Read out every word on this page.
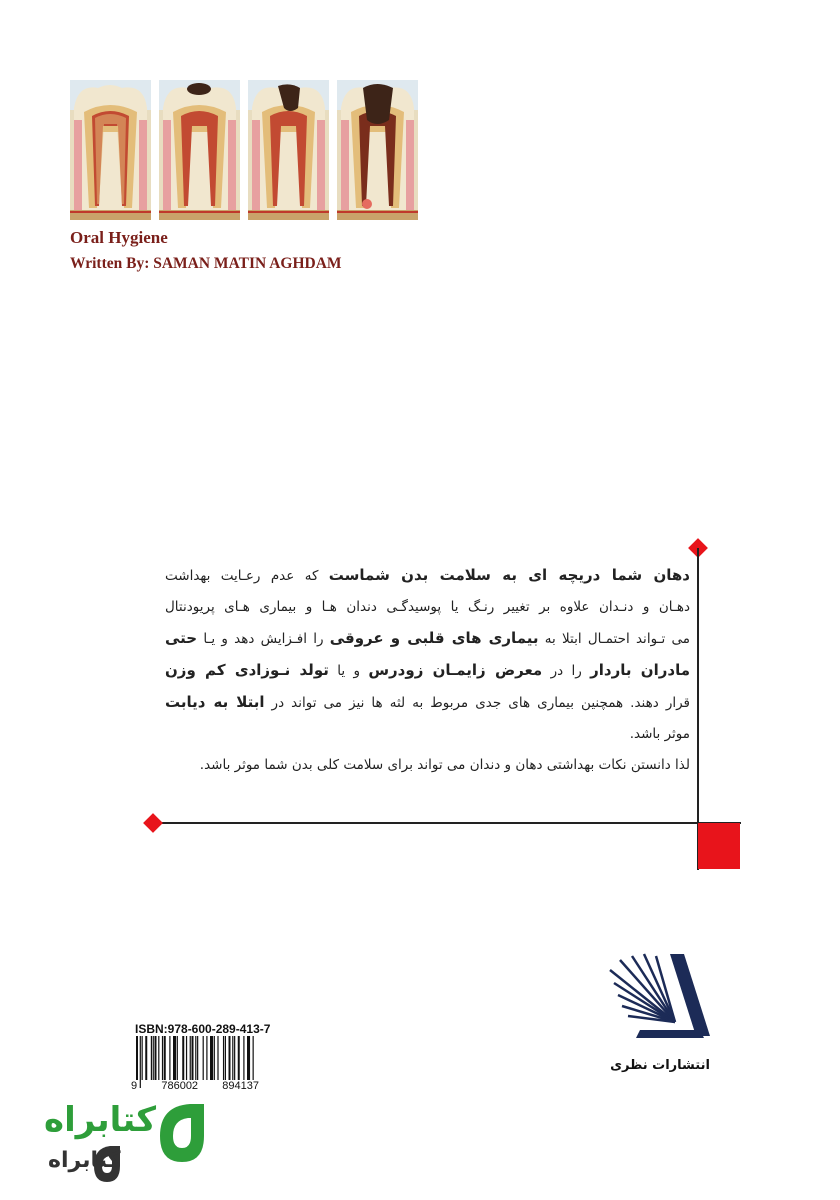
Oral Hygiene
Written By: SAMAN MATIN AGHDAM
دهان شما دریچه ای به سلامت بدن شماست که عدم رعـایت بهداشت
دهـان و دنـدان علاوه بر تغییر رنـگ یا پوسیدگـی دندان هـا و بیماری هـای پریودنتال
می تـواند احتمـال ابتلا به بیماری های قلبی و عروقی را افـزایش دهد و یـا حتی
مادران باردار را در معرض زایمـان زودرس و یا تولد نـوزادی کم وزن
قرار دهند. همچنین بیماری های جدی مربوط به لثه ها نیز می تواند در ابتلا به دیابت
موثر باشد.
لذا دانستن نکات بهداشتی دهان و دندان می تواند برای سلامت کلی بدن شما موثر باشد.
ISBN:978-600-289-413-7
9 786002 894137
انتشارات نظری
کتابراه
کتابراه
